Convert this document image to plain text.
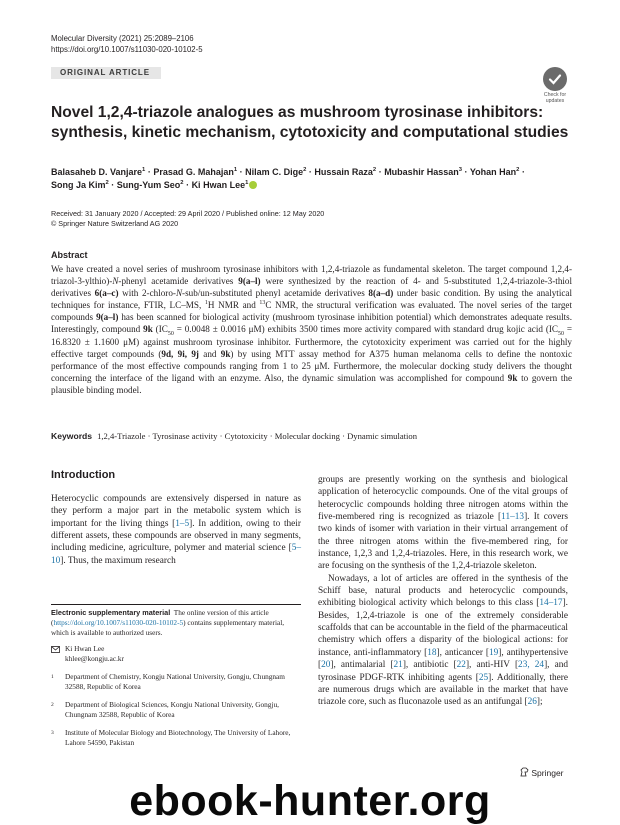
Molecular Diversity (2021) 25:2089–2106
https://doi.org/10.1007/s11030-020-10102-5
ORIGINAL ARTICLE
Check for
updates
Novel 1,2,4-triazole analogues as mushroom tyrosinase inhibitors: synthesis, kinetic mechanism, cytotoxicity and computational studies
Balasaheb D. Vanjare$^1$ · Prasad G. Mahajan$^1$ · Nilam C. Dige$^2$ · Hussain Raza$^2$ · Mubashir Hassan$^3$ · Yohan Han$^2$ ·
Song Ja Kim$^2$ · Sung-Yum Seo$^2$ · Ki Hwan Lee$^1$
Received: 31 January 2020 / Accepted: 29 April 2020 / Published online: 12 May 2020
© Springer Nature Switzerland AG 2020
Abstract
We have created a novel series of mushroom tyrosinase inhibitors with 1,2,4-triazole as fundamental skeleton. The target compound 1,2,4-triazol-3-ylthio)-N-phenyl acetamide derivatives 9(a–l) were synthesized by the reaction of 4- and 5-substituted 1,2,4-triazole-3-thiol derivatives 6(a–c) with 2-chloro-N-sub/un-substituted phenyl acetamide derivatives 8(a–d) under basic condition. By using the analytical techniques for instance, FTIR, LC–MS, $^1$H NMR and $^{13}$C NMR, the structural verification was evaluated. The novel series of the target compounds 9(a–l) has been scanned for biological activity (mushroom tyrosinase inhibition potential) which demonstrates adequate results. Interestingly, compound 9k ($IC_{50} = 0.0048 \pm 0.0016$ μM) exhibits 3500 times more activity compared with standard drug kojic acid ($IC_{50} = 16.8320 \pm 1.1600$ μM) against mushroom tyrosinase inhibitor. Furthermore, the cytotoxicity experiment was carried out for the highly effective target compounds (9d, 9i, 9j and 9k) by using MTT assay method for A375 human melanoma cells to define the nontoxic performance of the most effective compounds ranging from 1 to 25 μM. Furthermore, the molecular docking study delivers the thought concerning the interface of the ligand with an enzyme. Also, the dynamic simulation was accomplished for compound 9k to govern the plausible binding model.
Keywords 1,2,4-Triazole · Tyrosinase activity · Cytotoxicity · Molecular docking · Dynamic simulation
Introduction

Heterocyclic compounds are extensively dispersed in nature as they perform a major part in the metabolic system which is important for the living things [1–5]. In addition, owing to their different assets, these compounds are observed in many segments, including medicine, agriculture, polymer and material science [5–10]. Thus, the maximum research

Electronic supplementary material The online version of this article (https://doi.org/10.1007/s11030-020-10102-5) contains supplementary material, which is available to authorized users.
Ki Hwan Lee
khlee@kongju.ac.kr
1 Department of Chemistry, Kongju National University, Gongju, Chungnam 32588, Republic of Korea
2 Department of Biological Sciences, Kongju National University, Gongju, Chungnam 32588, Republic of Korea
3 Institute of Molecular Biology and Biotechnology, The University of Lahore, Lahore 54590, Pakistan

groups are presently working on the synthesis and biological application of heterocyclic compounds. One of the vital groups of heterocyclic compounds holding three nitrogen atoms within the five-membered ring is recognized as triazole [11–13]. It covers two kinds of isomer with variation in their virtual arrangement of the three nitrogen atoms within the five-membered ring, for instance, 1,2,3 and 1,2,4-triazoles. Here, in this research work, we are focusing on the synthesis of the 1,2,4-triazole skeleton.

Nowadays, a lot of articles are offered in the synthesis of the Schiff base, natural products and heterocyclic compounds, exhibiting biological activity which belongs to this class [14–17]. Besides, 1,2,4-triazole is one of the extremely considerable scaffolds that can be accountable in the field of the pharmaceutical chemistry which offers a disparity of the biological actions: for instance, anti-inflammatory [18], anticancer [19], antihypertensive [20], antimalarial [21], antibiotic [22], anti-HIV [23, 24], and tyrosinase PDGF-RTK inhibiting agents [25]. Additionally, there are numerous drugs which are available in the market that have triazole core, such as fluconazole used as an antifungal [26];

Springer
ebook-hunter.org
